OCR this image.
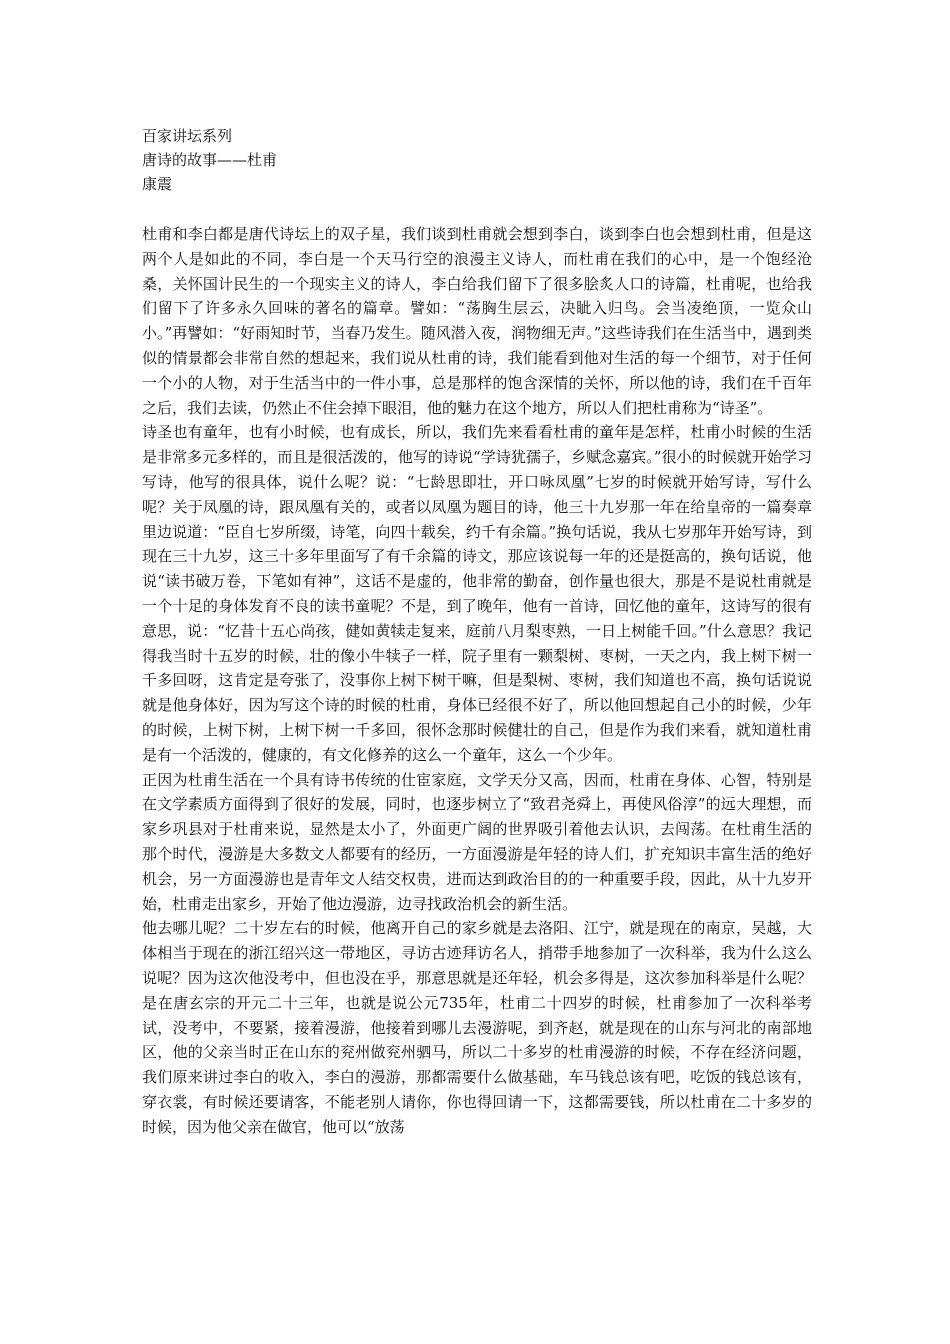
百家讲坛系列
唐诗的故事——杜甫
康震

杜甫和李白都是唐代诗坛上的双子星，我们谈到杜甫就会想到李白，谈到李白也会想到杜甫，但是这两个人是如此的不同，李白是一个天马行空的浪漫主义诗人，而杜甫在我们的心中，是一个饱经沧桑，关怀国计民生的一个现实主义的诗人，李白给我们留下了很多脍炙人口的诗篇，杜甫呢，也给我们留下了许多永久回味的著名的篇章。譬如：“荡胸生层云，决眦入归鸟。会当凌绝顶，一览众山小。”再譬如：“好雨知时节，当春乃发生。随风潜入夜，润物细无声。”这些诗我们在生活当中，遇到类似的情景都会非常自然的想起来，我们说从杜甫的诗，我们能看到他对生活的每一个细节，对于任何一个小的人物，对于生活当中的一件小事，总是那样的饱含深情的关怀，所以他的诗，我们在千百年之后，我们去读，仍然止不住会掉下眼泪，他的魅力在这个地方，所以人们把杜甫称为“诗圣”。

诗圣也有童年，也有小时候，也有成长，所以，我们先来看看杜甫的童年是怎样，杜甫小时候的生活是非常多元多样的，而且是很活泼的，他写的诗说“学诗犹孺子，乡赋念嘉宾。”很小的时候就开始学习写诗，他写的很具体，说什么呢？说：“七龄思即壮，开口咏凤凰”七岁的时候就开始写诗，写什么呢？关于凤凰的诗，跟凤凰有关的，或者以凤凰为题目的诗，他三十九岁那一年在给皇帝的一篇奏章里边说道：“臣自七岁所缀，诗笔，向四十载矣，约千有余篇。”换句话说，我从七岁那年开始写诗，到现在三十九岁，这三十多年里面写了有千余篇的诗文，那应该说每一年的还是挺高的，换句话说，他说“读书破万卷，下笔如有神”，这话不是虚的，他非常的勤奋，创作量也很大，那是不是说杜甫就是一个十足的身体发育不良的读书童呢？不是，到了晚年，他有一首诗，回忆他的童年，这诗写的很有意思，说：“忆昔十五心尚孩，健如黄犊走复来，庭前八月梨枣熟，一日上树能千回。”什么意思？我记得我当时十五岁的时候，壮的像小牛犊子一样，院子里有一颗梨树、枣树，一天之内，我上树下树一千多回呀，这肯定是夸张了，没事你上树下树干嘛，但是梨树、枣树，我们知道也不高，换句话说说就是他身体好，因为写这个诗的时候的杜甫，身体已经很不好了，所以他回想起自己小的时候，少年的时候，上树下树，上树下树一千多回，很怀念那时候健壮的自己，但是作为我们来看，就知道杜甫是有一个活泼的，健康的，有文化修养的这么一个童年，这么一个少年。

正因为杜甫生活在一个具有诗书传统的仕宦家庭，文学天分又高，因而，杜甫在身体、心智，特别是在文学素质方面得到了很好的发展，同时，也逐步树立了“致君尧舜上，再使风俗淳”的远大理想，而家乡巩县对于杜甫来说，显然是太小了，外面更广阔的世界吸引着他去认识，去闯荡。在杜甫生活的那个时代，漫游是大多数文人都要有的经历，一方面漫游是年轻的诗人们，扩充知识丰富生活的绝好机会，另一方面漫游也是青年文人结交权贵，进而达到政治目的的一种重要手段，因此，从十九岁开始，杜甫走出家乡，开始了他边漫游，边寻找政治机会的新生活。

他去哪儿呢？二十岁左右的时候，他离开自己的家乡就是去洛阳、江宁，就是现在的南京，吴越，大体相当于现在的浙江绍兴这一带地区，寻访古迹拜访名人，捎带手地参加了一次科举，我为什么这么说呢？因为这次他没考中，但也没在乎，那意思就是还年轻，机会多得是，这次参加科举是什么呢？是在唐玄宗的开元二十三年，也就是说公元735年，杜甫二十四岁的时候，杜甫参加了一次科举考试，没考中，不要紧，接着漫游，他接着到哪儿去漫游呢，到齐赵，就是现在的山东与河北的南部地区，他的父亲当时正在山东的兖州做兖州驷马，所以二十多岁的杜甫漫游的时候，不存在经济问题，我们原来讲过李白的收入，李白的漫游，那都需要什么做基础，车马钱总该有吧，吃饭的钱总该有，穿衣裳，有时候还要请客，不能老别人请你，你也得回请一下，这都需要钱，所以杜甫在二十多岁的时候，因为他父亲在做官，他可以“放荡
